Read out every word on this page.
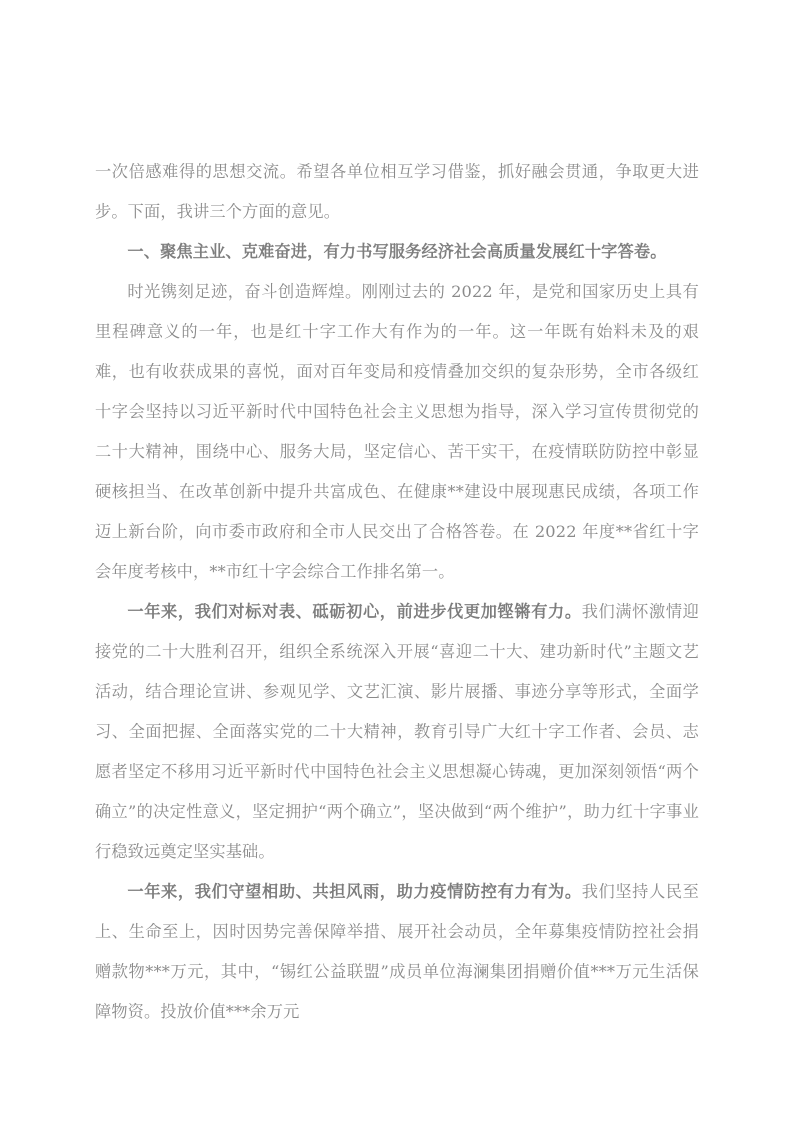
一次倍感难得的思想交流。希望各单位相互学习借鉴，抓好融会贯通，争取更大进步。下面，我讲三个方面的意见。

一、聚焦主业、克难奋进，有力书写服务经济社会高质量发展红十字答卷。

时光镌刻足迹，奋斗创造辉煌。刚刚过去的 2022 年，是党和国家历史上具有里程碑意义的一年，也是红十字工作大有作为的一年。这一年既有始料未及的艰难，也有收获成果的喜悦，面对百年变局和疫情叠加交织的复杂形势，全市各级红十字会坚持以习近平新时代中国特色社会主义思想为指导，深入学习宣传贯彻党的二十大精神，围绕中心、服务大局，坚定信心、苦干实干，在疫情联防防控中彰显硬核担当、在改革创新中提升共富成色、在健康**建设中展现惠民成绩，各项工作迈上新台阶，向市委市政府和全市人民交出了合格答卷。在 2022 年度**省红十字会年度考核中，**市红十字会综合工作排名第一。

一年来，我们对标对表、砥砺初心，前进步伐更加铿锵有力。我们满怀激情迎接党的二十大胜利召开，组织全系统深入开展“喜迎二十大、建功新时代”主题文艺活动，结合理论宣讲、参观见学、文艺汇演、影片展播、事迹分享等形式，全面学习、全面把握、全面落实党的二十大精神，教育引导广大红十字工作者、会员、志愿者坚定不移用习近平新时代中国特色社会主义思想凝心铸魂，更加深刻领悟“两个确立”的决定性意义，坚定拥护“两个确立”，坚决做到“两个维护”，助力红十字事业行稳致远奠定坚实基础。

一年来，我们守望相助、共担风雨，助力疫情防控有力有为。我们坚持人民至上、生命至上，因时因势完善保障举措、展开社会动员，全年募集疫情防控社会捐赠款物***万元，其中，“锡红公益联盟”成员单位海澜集团捐赠价值***万元生活保障物资。投放价值***余万元
